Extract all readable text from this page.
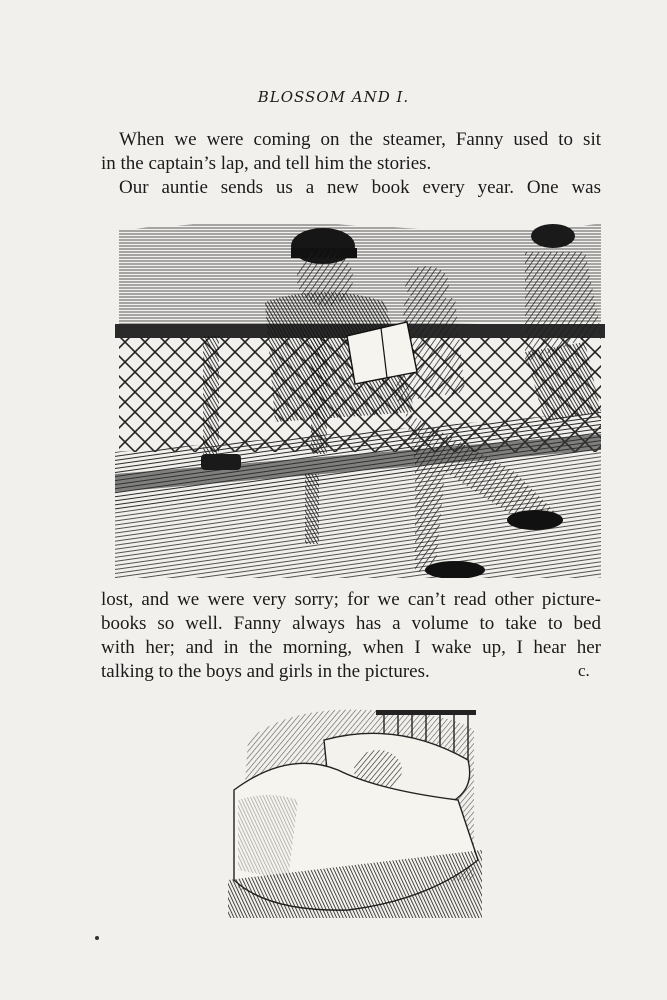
BLOSSOM AND I.
When we were coming on the steamer, Fanny used to sit
in the captain’s lap, and tell him the stories.
Our auntie sends us a new book every year. One was
lost, and we were very sorry; for we can’t read other picture-
books so well. Fanny always has a volume to take to bed
with her; and in the morning, when I wake up, I hear her
talking to the boys and girls in the pictures.	c.
